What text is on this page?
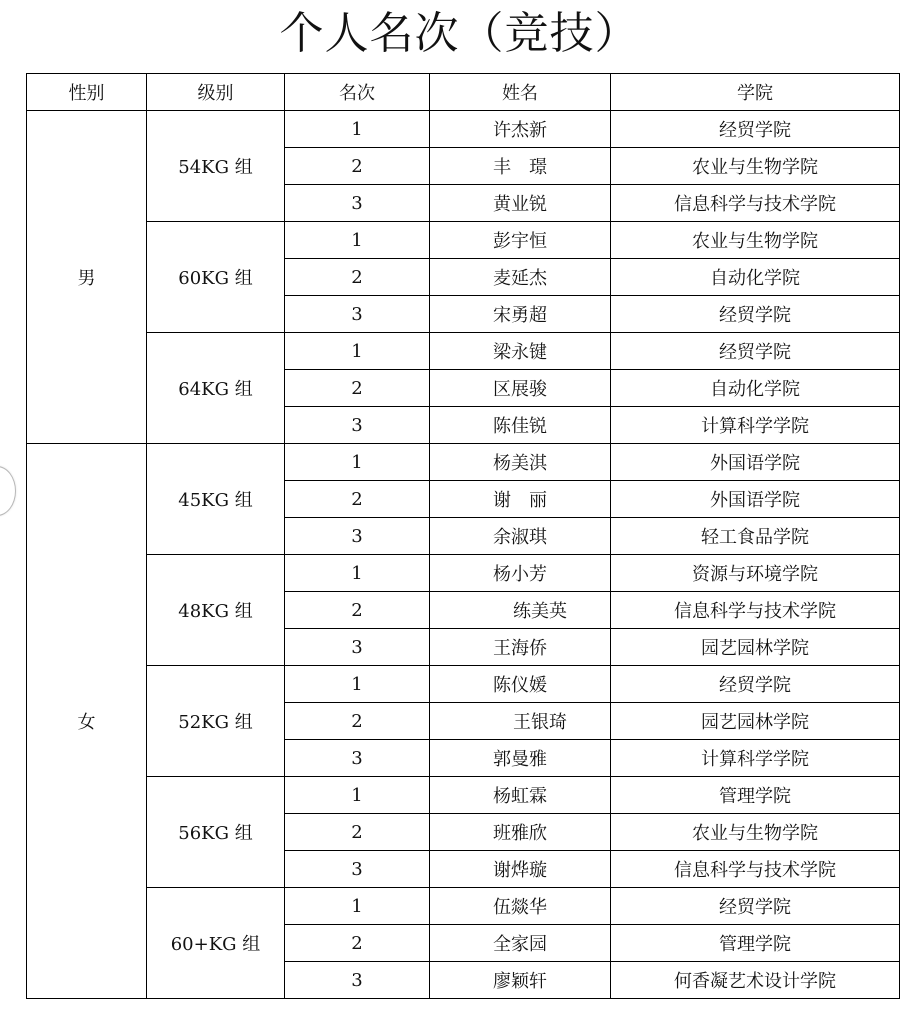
个人名次（竞技）
性别	级别	名次	姓名	学院
男	54KG 组	1	许杰新	经贸学院
		2	丰　璟	农业与生物学院
		3	黄业锐	信息科学与技术学院
	60KG 组	1	彭宇恒	农业与生物学院
		2	麦延杰	自动化学院
		3	宋勇超	经贸学院
	64KG 组	1	梁永键	经贸学院
		2	区展骏	自动化学院
		3	陈佳锐	计算科学学院
女	45KG 组	1	杨美淇	外国语学院
		2	谢　丽	外国语学院
		3	余淑琪	轻工食品学院
	48KG 组	1	杨小芳	资源与环境学院
		2	练美英	信息科学与技术学院
		3	王海侨	园艺园林学院
	52KG 组	1	陈仪媛	经贸学院
		2	王银琦	园艺园林学院
		3	郭曼雅	计算科学学院
	56KG 组	1	杨虹霖	管理学院
		2	班雅欣	农业与生物学院
		3	谢烨璇	信息科学与技术学院
	60+KG 组	1	伍燚华	经贸学院
		2	全家园	管理学院
		3	廖颖轩	何香凝艺术设计学院
